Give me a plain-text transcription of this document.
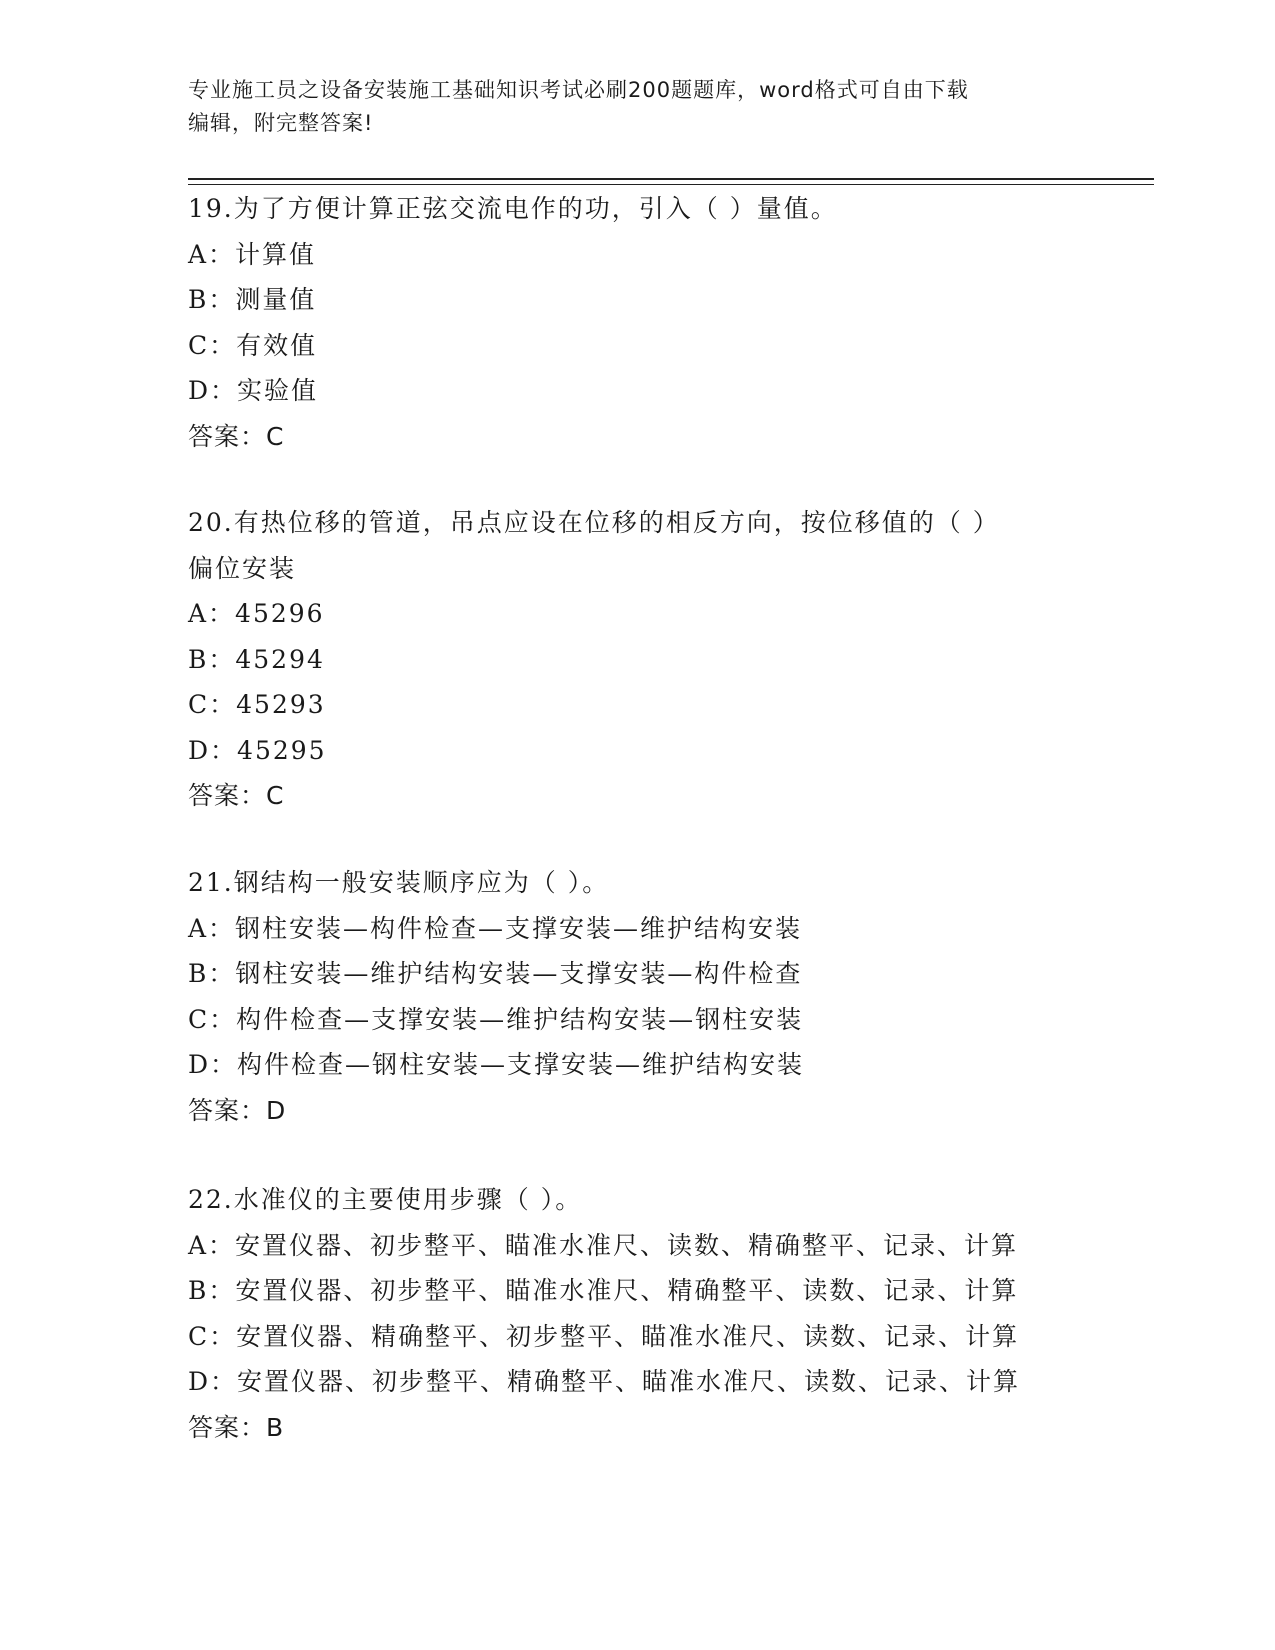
专业施工员之设备安装施工基础知识考试必刷200题题库，word格式可自由下载
编辑，附完整答案!
19.为了方便计算正弦交流电作的功，引入（ ）量值。
A：计算值
B：测量值
C：有效值
D：实验值
答案：C
20.有热位移的管道，吊点应设在位移的相反方向，按位移值的（ ）
偏位安装
A：45296
B：45294
C：45293
D：45295
答案：C
21.钢结构一般安装顺序应为（ ）。
A：钢柱安装—构件检查—支撑安装—维护结构安装
B：钢柱安装—维护结构安装—支撑安装—构件检查
C：构件检查—支撑安装—维护结构安装—钢柱安装
D：构件检查—钢柱安装—支撑安装—维护结构安装
答案：D
22.水准仪的主要使用步骤（ ）。
A：安置仪器、初步整平、瞄准水准尺、读数、精确整平、记录、计算
B：安置仪器、初步整平、瞄准水准尺、精确整平、读数、记录、计算
C：安置仪器、精确整平、初步整平、瞄准水准尺、读数、记录、计算
D：安置仪器、初步整平、精确整平、瞄准水准尺、读数、记录、计算
答案：B
